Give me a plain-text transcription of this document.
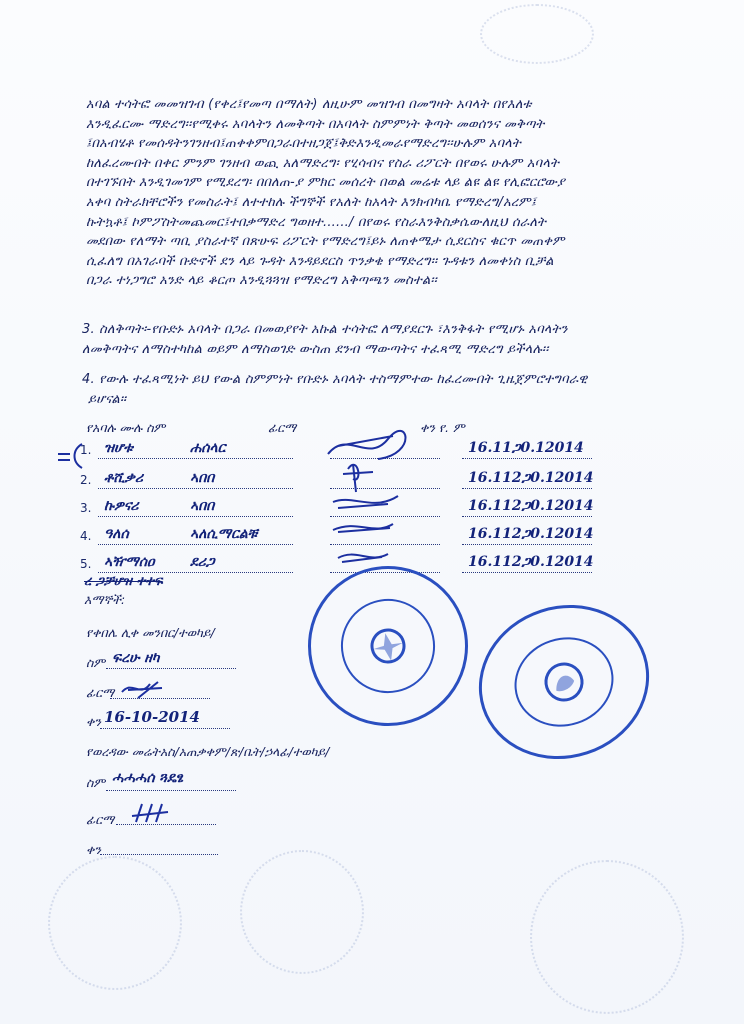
አባል ተሳትፎ መመዝገብ (የቀረ፤የመጣ በማለት) ለዚሁም መዝገብ በመግዛት አባላት በየእለቱ
እንዲፈርሙ ማድረግ፡፡የሚቀሩ አባላትን ለመቅጣት በአባላት ስምምነት ቅጣት መወሰንና መቅጣት
፤በአብሄቶ የመሰዳትንገንዘብ፤ጠቀቀምበጋራበተዘጋጀ፤ቅድእንዲመራየማድረግ፡፡ሁሉም አባላት
ከለፈረሙበት በቀር ምንም ገንዘብ ወጪ አለማድረግ፡ የሂሳብና የስራ ሪፖርት በየወሩ ሁሉም አባላት
በተገኙበት እንዲገመገም የሚደረግ፡ በበለጠ-ያ ምክር መሰረት በወል መሬቱ ላይ ልዩ ልዩ የሊፎርሮውያ
አቀባ ስትራክቸሮችን የመስራት፤ ለተተከሉ ችግኞች የአለት ከአላት እንክብካቤ የማድረግ/አረም፤
ኩትኳቶ፤ ኮምፖስትመጨመር፤ተበቃማድረ ግወዘተ....../ በየወሩ የስራእንቅስቃሴውለዚህ ሰራለት
መደበው የለማት ጣቢ ያስራተኛ በጽሁፍ ሪፖርት የማድረግ፤ይኑ ለጠቀሜታ ሲደርስና ቁርጥ መጠቀም
ሲፈለግ በአገራባች ቡድኖች ደን ላይ ጉዳት እንዳይደርስ ጥንቃቄ የማድረግ፡፡ ጉዳቱን ለመቀነስ ቢቻል
በጋራ ተነጋግሮ አንድ ላይ ቆርጦ እንዲጓጓዝ የማድረግ አቅጣጫን መስተል፡፡
3. ስለቅጣት፡-የቡድኑ አባላት በጋራ በመወያየት አኩል ተሳትፎ ለማያደርጉ ፣እንቅፋት የሚሆኑ አባላትን
ለመቅጣትና ለማስተካከል ወይም ለማስወገድ ውስጠ ደንብ ማውጣትና ተፈጻሚ ማድረግ ይችላሉ፡፡
4. የውሉ ተፈጻሚነት ይህ የውል ስምምነት የቡድኑ አባላት ተስማምተው ከፈረሙበት ጊዜጀምሮተግባራዊ
ይሆናል።
የአባሉ ሙሉ ስም	ፊርማ	ቀን የ. ም
1. ዝሆቱ	ሐሰላር	16.11ጋ0.12014
2. ቶሺቃሪ	ኣበበ	16.112ጋ0.12014
3. ኩዎናሪ	ኣበበ	16.112ጋ0.12014
4. ዓለሰ	ኣለሲማርልቹ	16.112ጋ0.12014
5. ኣዥማሰዐ	ደሪጋ	16.112ጋ0.12014
ረ ጋቻሆዝ ተተፍ
እማኞች:
የቀበሌ ሊቀ መንበር/ተወካይ/
ስም ፍረሁ ዘካ
ፊርማ
ቀን 16-10-2014
የወረዳው መሬትአስ/አጠቃቀም/ጽ/ቤት/ኃላፊ/ተወካይ/
ስም ሓሓሓሰ ጓዴፄ
ፊርማ
ቀን
